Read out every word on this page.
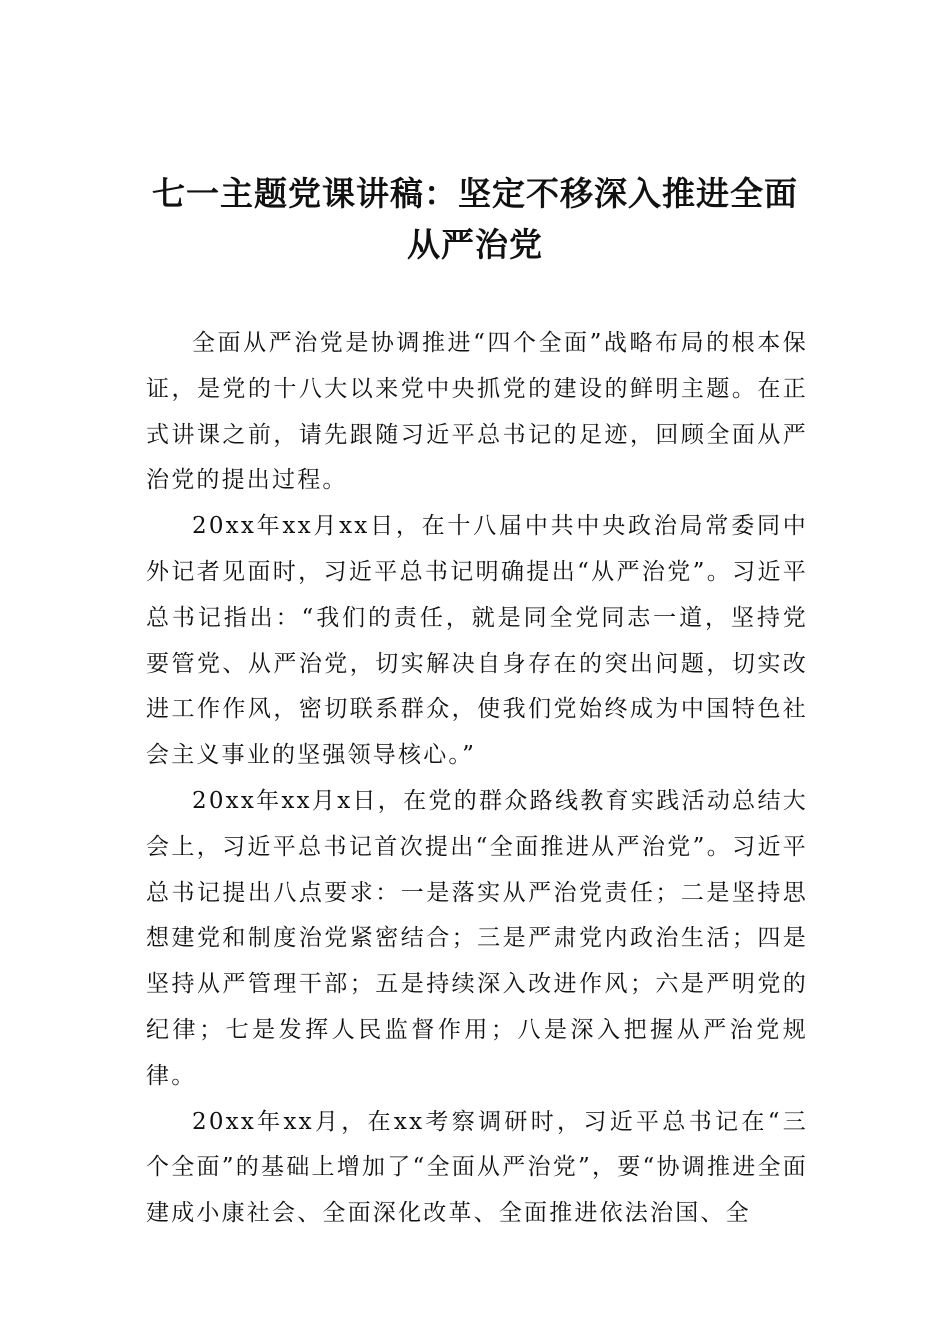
七一主题党课讲稿：坚定不移深入推进全面从严治党

全面从严治党是协调推进“四个全面”战略布局的根本保证，是党的十八大以来党中央抓党的建设的鲜明主题。在正式讲课之前，请先跟随习近平总书记的足迹，回顾全面从严治党的提出过程。

20xx年xx月xx日，在十八届中共中央政治局常委同中外记者见面时，习近平总书记明确提出“从严治党”。习近平总书记指出：“我们的责任，就是同全党同志一道，坚持党要管党、从严治党，切实解决自身存在的突出问题，切实改进工作作风，密切联系群众，使我们党始终成为中国特色社会主义事业的坚强领导核心。”

20xx年xx月x日，在党的群众路线教育实践活动总结大会上，习近平总书记首次提出“全面推进从严治党”。习近平总书记提出八点要求：一是落实从严治党责任；二是坚持思想建党和制度治党紧密结合；三是严肃党内政治生活；四是坚持从严管理干部；五是持续深入改进作风；六是严明党的纪律；七是发挥人民监督作用；八是深入把握从严治党规律。

20xx年xx月，在xx考察调研时，习近平总书记在“三个全面”的基础上增加了“全面从严治党”，要“协调推进全面建成小康社会、全面深化改革、全面推进依法治国、全
